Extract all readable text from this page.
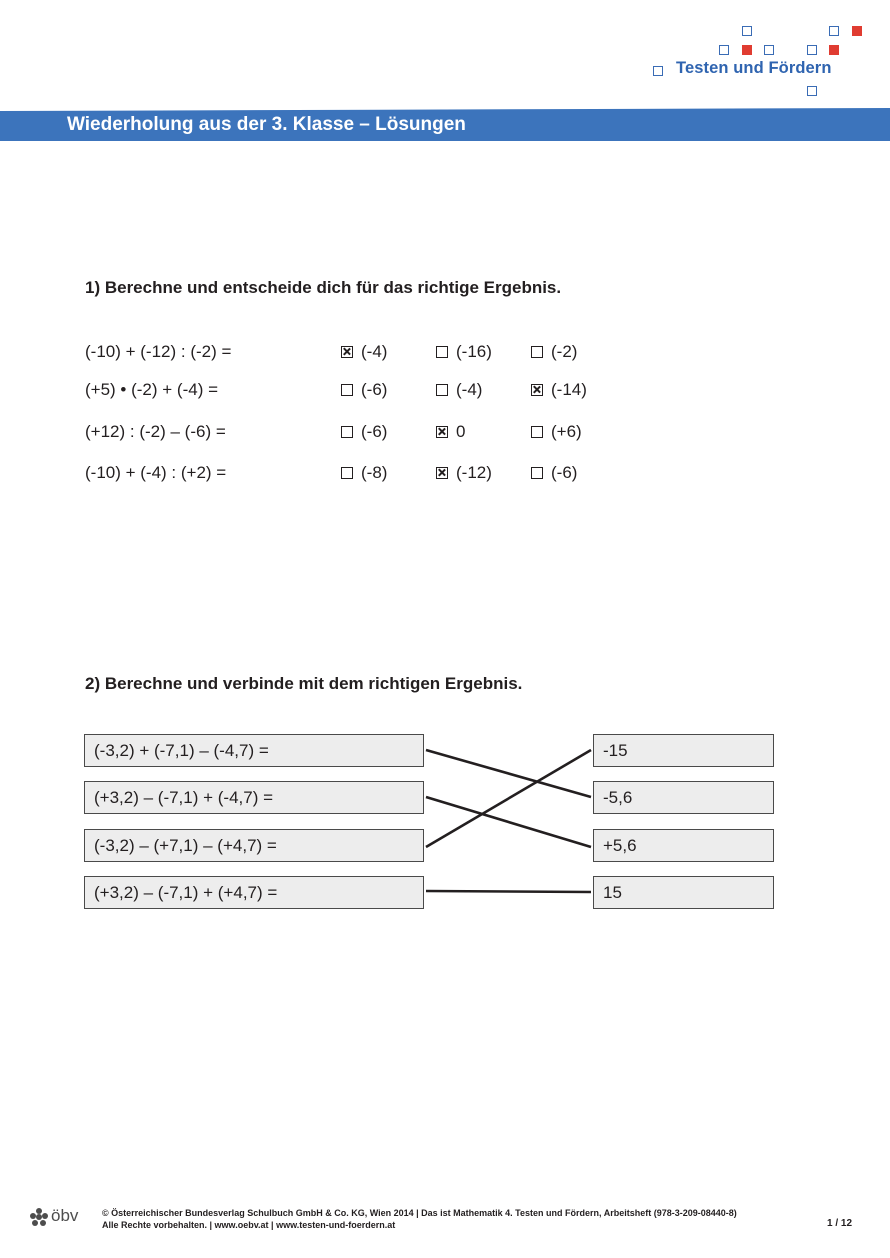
Testen und Fördern
Wiederholung aus der 3. Klasse – Lösungen
1) Berechne und entscheide dich für das richtige Ergebnis.
(-10) + (-12) : (-2) =	(-4)	(-16)	(-2)
(+5) • (-2) + (-4) =	(-6)	(-4)	(-14)
(+12) : (-2) – (-6) =	(-6)	0	(+6)
(-10) + (-4) : (+2) =	(-8)	(-12)	(-6)
2) Berechne und verbinde mit dem richtigen Ergebnis.
(-3,2) + (-7,1) – (-4,7) =
(+3,2) – (-7,1) + (-4,7) =
(-3,2) – (+7,1) – (+4,7) =
(+3,2) – (-7,1) + (+4,7) =
-15
-5,6
+5,6
15
öbv	© Österreichischer Bundesverlag Schulbuch GmbH & Co. KG, Wien 2014 | Das ist Mathematik 4. Testen und Fördern, Arbeitsheft (978-3-209-08440-8)
Alle Rechte vorbehalten. | www.oebv.at | www.testen-und-foerdern.at	1 / 12
